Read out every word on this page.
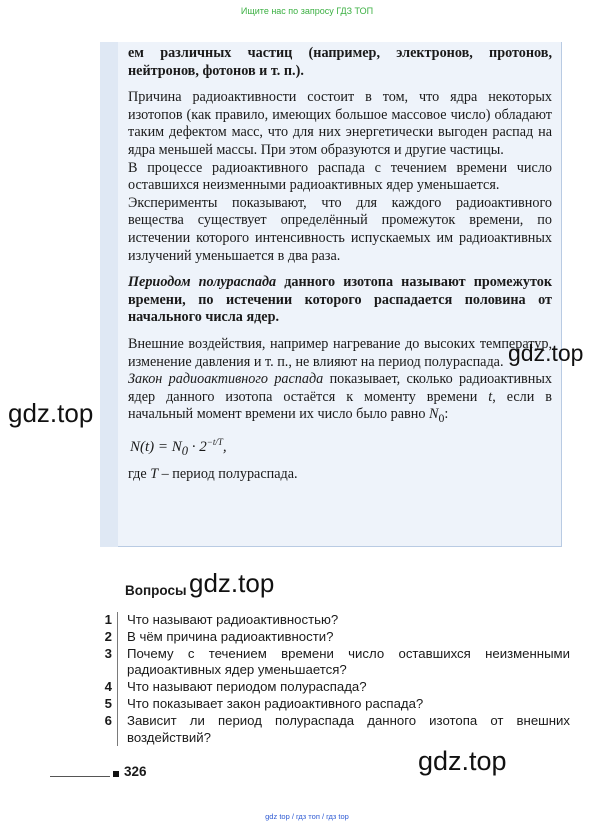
Ищите нас по запросу ГДЗ ТОП

ем различных частиц (например, электронов, протонов, нейтронов, фотонов и т. п.).

Причина радиоактивности состоит в том, что ядра некоторых изотопов (как правило, имеющих большое массовое число) обладают таким дефектом масс, что для них энергетически выгоден распад на ядра меньшей массы. При этом образуются и другие частицы.

В процессе радиоактивного распада с течением времени число оставшихся неизменными радиоактивных ядер уменьшается.

Эксперименты показывают, что для каждого радиоактивного вещества существует определённый промежуток времени, по истечении которого интенсивность испускаемых им радиоактивных излучений уменьшается в два раза.

Периодом полураспада данного изотопа называют промежуток времени, по истечении которого распадается половина от начального числа ядер.

Внешние воздействия, например нагревание до высоких температур, изменение давления и т. п., не влияют на период полураспада.

Закон радиоактивного распада показывает, сколько радиоактивных ядер данного изотопа остаётся к моменту времени t, если в начальный момент времени их число было равно $N_0$:

$N(t) = N_0 \cdot 2^{-t/T}$,

где T – период полураспада.

gdz.top
gdz.top
gdz.top
gdz.top
Вопросы
1 Что называют радиоактивностью?
2 В чём причина радиоактивности?
3 Почему с течением времени число оставшихся неизменными радиоактивных ядер уменьшается?
4 Что называют периодом полураспада?
5 Что показывает закон радиоактивного распада?
6 Зависит ли период полураспада данного изотопа от внешних воздействий?
326
gdz top / гдз топ / гдз top
